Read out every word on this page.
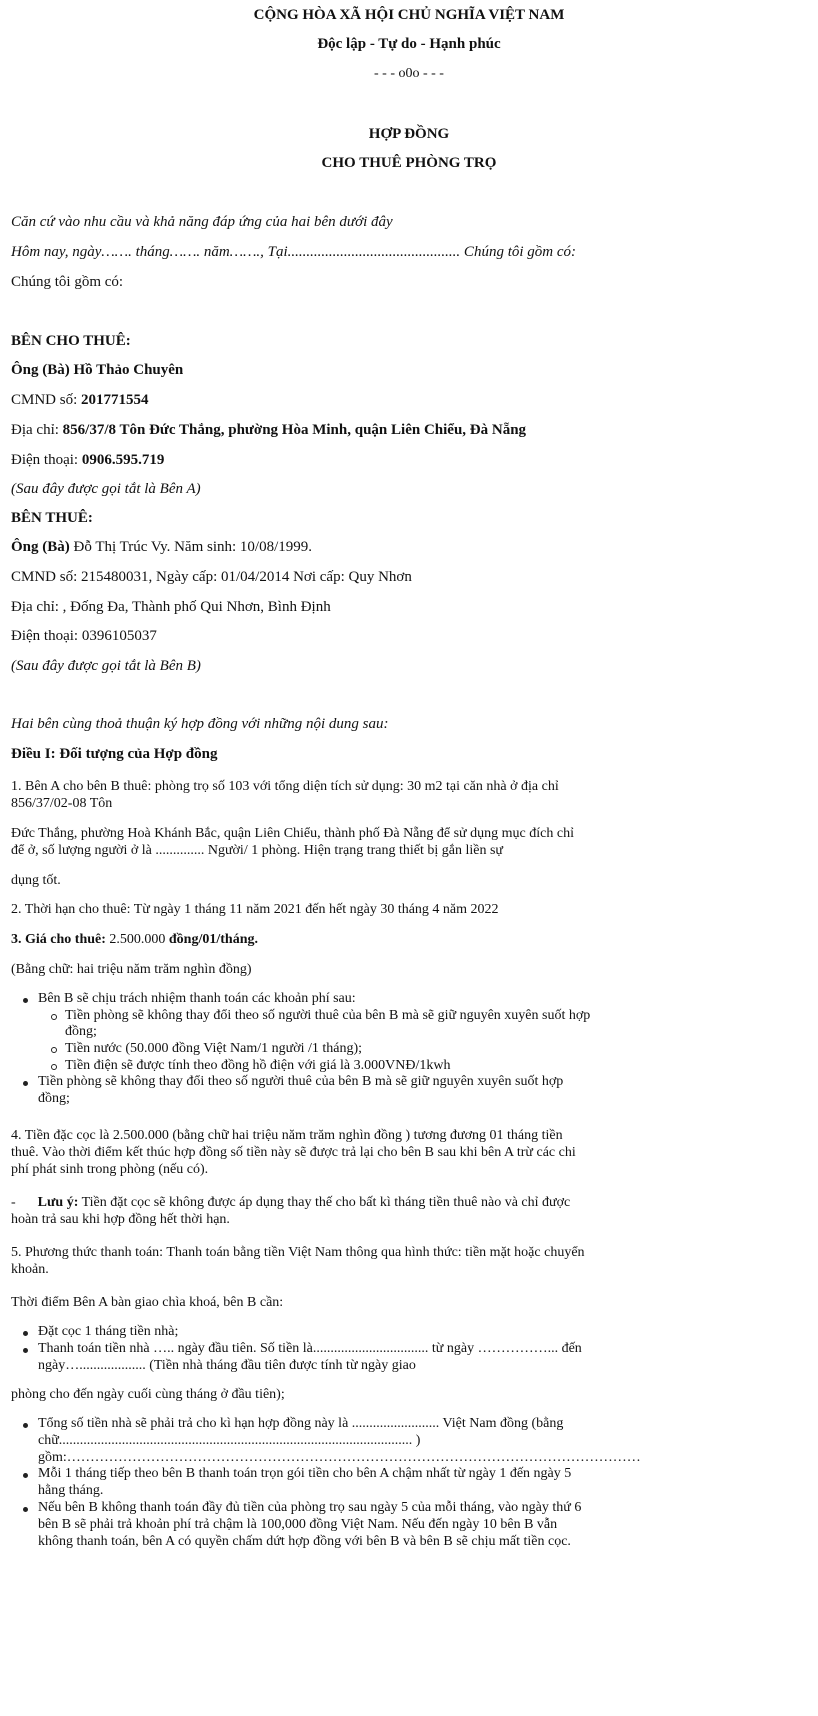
CỘNG HÒA XÃ HỘI CHỦ NGHĨA VIỆT NAM
Độc lập - Tự do - Hạnh phúc
- - - o0o - - -
HỢP ĐỒNG
CHO THUÊ PHÒNG TRỌ
Căn cứ vào nhu cầu và khả năng đáp ứng của hai bên dưới đây
Hôm nay, ngày……. tháng……. năm……., Tại.............................................. Chúng tôi gồm có:
Chúng tôi gồm có:
BÊN CHO THUÊ:
Ông (Bà) Hồ Thảo Chuyên
CMND số: 201771554
Địa chỉ: 856/37/8 Tôn Đức Thắng, phường Hòa Minh, quận Liên Chiểu, Đà Nẵng
Điện thoại: 0906.595.719
(Sau đây được gọi tắt là Bên A)
BÊN THUÊ:
Ông (Bà) Đỗ Thị Trúc Vy. Năm sinh: 10/08/1999.
CMND số: 215480031, Ngày cấp: 01/04/2014 Nơi cấp: Quy Nhơn
Địa chỉ: , Đống Đa, Thành phố Qui Nhơn, Bình Định
Điện thoại: 0396105037
(Sau đây được gọi tắt là Bên B)
Hai bên cùng thoả thuận ký hợp đồng với những nội dung sau:
Điều I: Đối tượng của Hợp đồng
1. Bên A cho bên B thuê: phòng trọ số 103 với tổng diện tích sử dụng: 30 m2 tại căn nhà ở địa chỉ
856/37/02-08 Tôn
Đức Thắng, phường Hoà Khánh Bắc, quận Liên Chiểu, thành phố Đà Nẵng để sử dụng mục đích chỉ
để ở, số lượng người ở là .............. Người/ 1 phòng. Hiện trạng trang thiết bị gắn liền sự
dụng tốt.
2. Thời hạn cho thuê: Từ ngày 1 tháng 11 năm 2021 đến hết ngày 30 tháng 4 năm 2022
3. Giá cho thuê: 2.500.000 đồng/01/tháng.
(Bằng chữ: hai triệu năm trăm nghìn đồng)
Bên B sẽ chịu trách nhiệm thanh toán các khoản phí sau:
Tiền phòng sẽ không thay đổi theo số người thuê của bên B mà sẽ giữ nguyên xuyên suốt hợp
đồng;
Tiền nước (50.000 đồng Việt Nam/1 người /1 tháng);
Tiền điện sẽ được tính theo đồng hồ điện với giá là 3.000VNĐ/1kwh
Tiền phòng sẽ không thay đổi theo số người thuê của bên B mà sẽ giữ nguyên xuyên suốt hợp
đồng;
4. Tiền đặc cọc là 2.500.000 (bằng chữ hai triệu năm trăm nghìn đồng ) tương đương 01 tháng tiền
thuê. Vào thời điểm kết thúc hợp đồng số tiền này sẽ được trả lại cho bên B sau khi bên A trừ các chi
phí phát sinh trong phòng (nếu có).
- Lưu ý: Tiền đặt cọc sẽ không được áp dụng thay thế cho bất kì tháng tiền thuê nào và chỉ được
hoàn trả sau khi hợp đồng hết thời hạn.
5. Phương thức thanh toán: Thanh toán bằng tiền Việt Nam thông qua hình thức: tiền mặt hoặc chuyển
khoản.
Thời điểm Bên A bàn giao chìa khoá, bên B cần:
Đặt cọc 1 tháng tiền nhà;
Thanh toán tiền nhà ….. ngày đầu tiên. Số tiền là................................. từ ngày ……………... đến
ngày…................... (Tiền nhà tháng đầu tiên được tính từ ngày giao
phòng cho đến ngày cuối cùng tháng ở đầu tiên);
Tổng số tiền nhà sẽ phải trả cho kì hạn hợp đồng này là ......................... Việt Nam đồng (bằng
chữ..................................................................................................... )
gồm:……………………………………………………………………………………………………………
Mỗi 1 tháng tiếp theo bên B thanh toán trọn gói tiền cho bên A chậm nhất từ ngày 1 đến ngày 5
hằng tháng.
Nếu bên B không thanh toán đầy đủ tiền của phòng trọ sau ngày 5 của mỗi tháng, vào ngày thứ 6
bên B sẽ phải trả khoản phí trả chậm là 100,000 đồng Việt Nam. Nếu đến ngày 10 bên B vẫn
không thanh toán, bên A có quyền chấm dứt hợp đồng với bên B và bên B sẽ chịu mất tiền cọc.
